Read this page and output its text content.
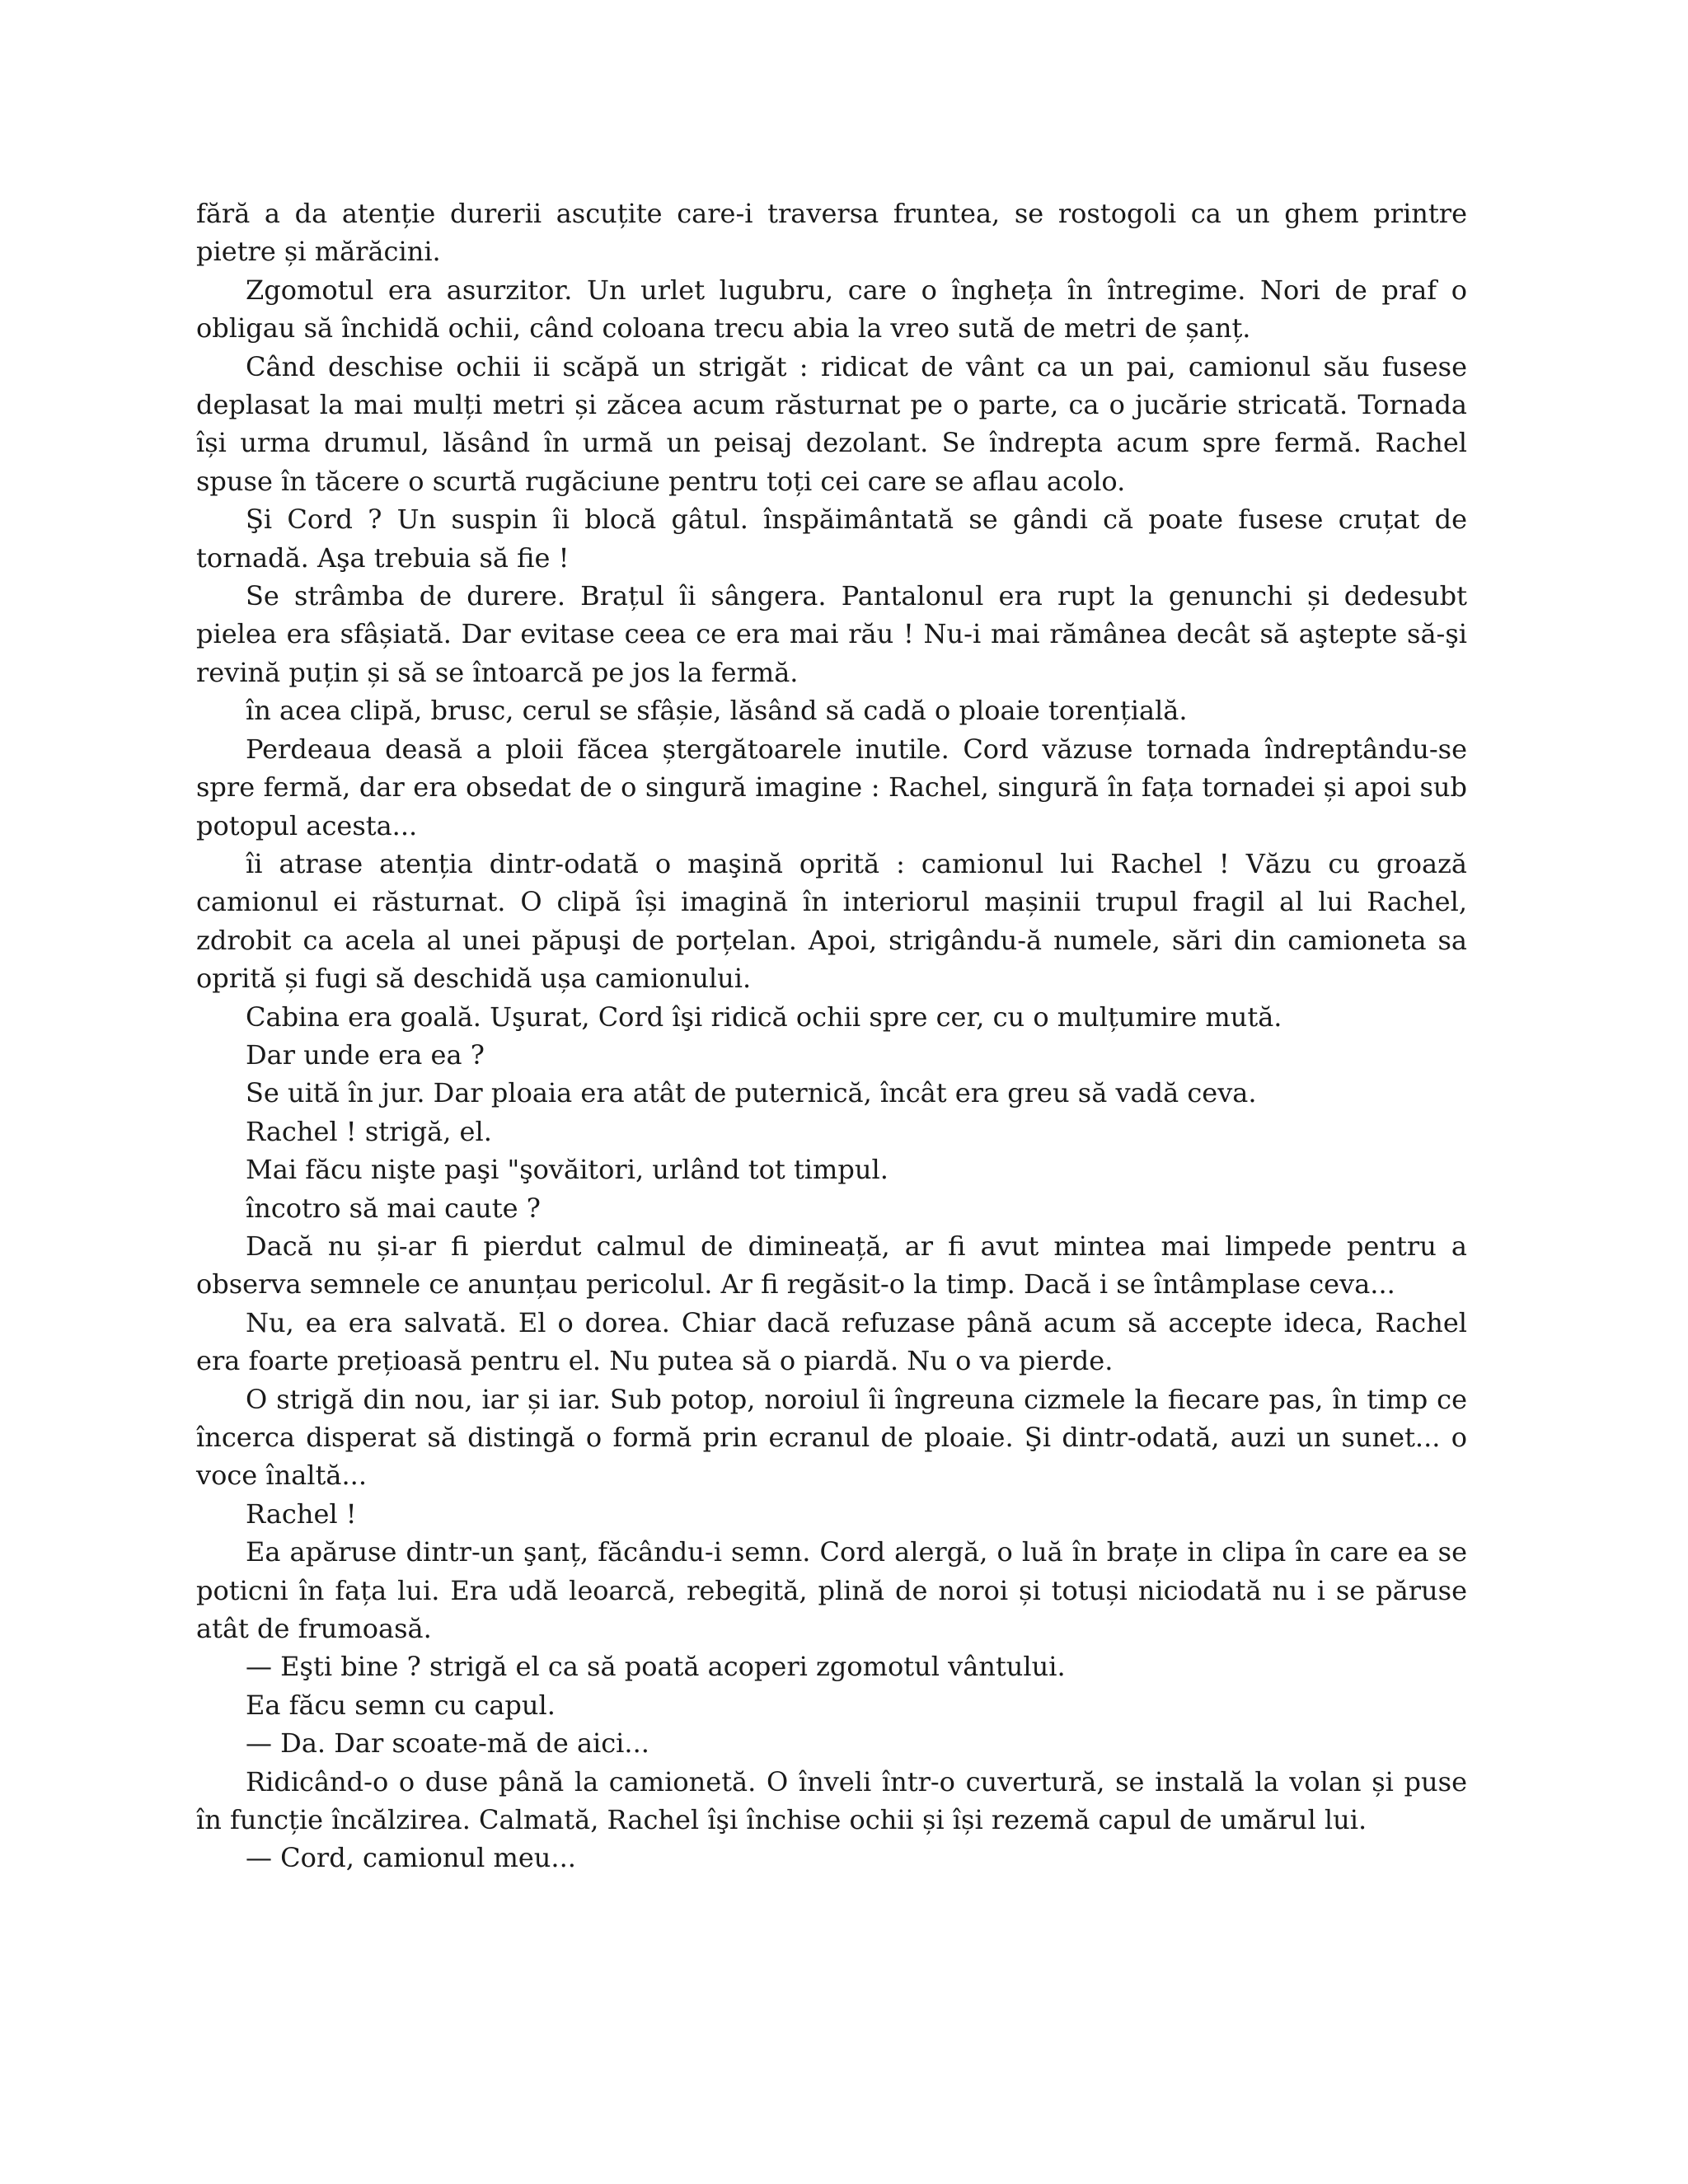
fără a da atenție durerii ascuțite care-i traversa fruntea, se rostogoli ca un ghem printre pietre și mărăcini.

Zgomotul era asurzitor. Un urlet lugubru, care o îngheța în întregime. Nori de praf o obligau să închidă ochii, când coloana trecu abia la vreo sută de metri de șanț.

Când deschise ochii ii scăpă un strigăt : ridicat de vânt ca un pai, camionul său fusese deplasat la mai mulți metri și zăcea acum răsturnat pe o parte, ca o jucărie stricată. Tornada își urma drumul, lăsând în urmă un peisaj dezolant. Se îndrepta acum spre fermă. Rachel spuse în tăcere o scurtă rugăciune pentru toți cei care se aflau acolo.

Şi Cord ? Un suspin îi blocă gâtul. înspăimântată se gândi că poate fusese cruțat de tornadă. Aşa trebuia să fie !

Se strâmba de durere. Brațul îi sângera. Pantalonul era rupt la genunchi și dedesubt pielea era sfâșiată. Dar evitase ceea ce era mai rău ! Nu-i mai rămânea decât să aştepte să-şi revină puțin și să se întoarcă pe jos la fermă.

în acea clipă, brusc, cerul se sfâșie, lăsând să cadă o ploaie torențială.

Perdeaua deasă a ploii făcea ștergătoarele inutile. Cord văzuse tornada îndreptându-se spre fermă, dar era obsedat de o singură imagine : Rachel, singură în fața tornadei și apoi sub potopul acesta...

îi atrase atenția dintr-odată o maşină oprită : camionul lui Rachel ! Văzu cu groază camionul ei răsturnat. O clipă își imagină în interiorul mașinii trupul fragil al lui Rachel, zdrobit ca acela al unei păpuşi de porțelan. Apoi, strigându-ă numele, sări din camioneta sa oprită și fugi să deschidă ușa camionului.

Cabina era goală. Uşurat, Cord îşi ridică ochii spre cer, cu o mulțumire mută.

Dar unde era ea ?

Se uită în jur. Dar ploaia era atât de puternică, încât era greu să vadă ceva.

Rachel ! strigă, el.

Mai făcu nişte paşi "şovăitori, urlând tot timpul.

încotro să mai caute ?

Dacă nu și-ar fi pierdut calmul de dimineață, ar fi avut mintea mai limpede pentru a observa semnele ce anunțau pericolul. Ar fi regăsit-o la timp. Dacă i se întâmplase ceva...

Nu, ea era salvată. El o dorea. Chiar dacă refuzase până acum să accepte ideca, Rachel era foarte prețioasă pentru el. Nu putea să o piardă. Nu o va pierde.

O strigă din nou, iar și iar. Sub potop, noroiul îi îngreuna cizmele la fiecare pas, în timp ce încerca disperat să distingă o formă prin ecranul de ploaie. Şi dintr-odată, auzi un sunet... o voce înaltă...

Rachel !

Ea apăruse dintr-un şanț, făcându-i semn. Cord alergă, o luă în brațe in clipa în care ea se poticni în fața lui. Era udă leoarcă, rebegită, plină de noroi și totuși niciodată nu i se păruse atât de frumoasă.

— Eşti bine ? strigă el ca să poată acoperi zgomotul vântului.

Ea făcu semn cu capul.

— Da. Dar scoate-mă de aici...

Ridicând-o o duse până la camionetă. O înveli într-o cuvertură, se instală la volan și puse în funcție încălzirea. Calmată, Rachel îşi închise ochii și își rezemă capul de umărul lui.

— Cord, camionul meu...
